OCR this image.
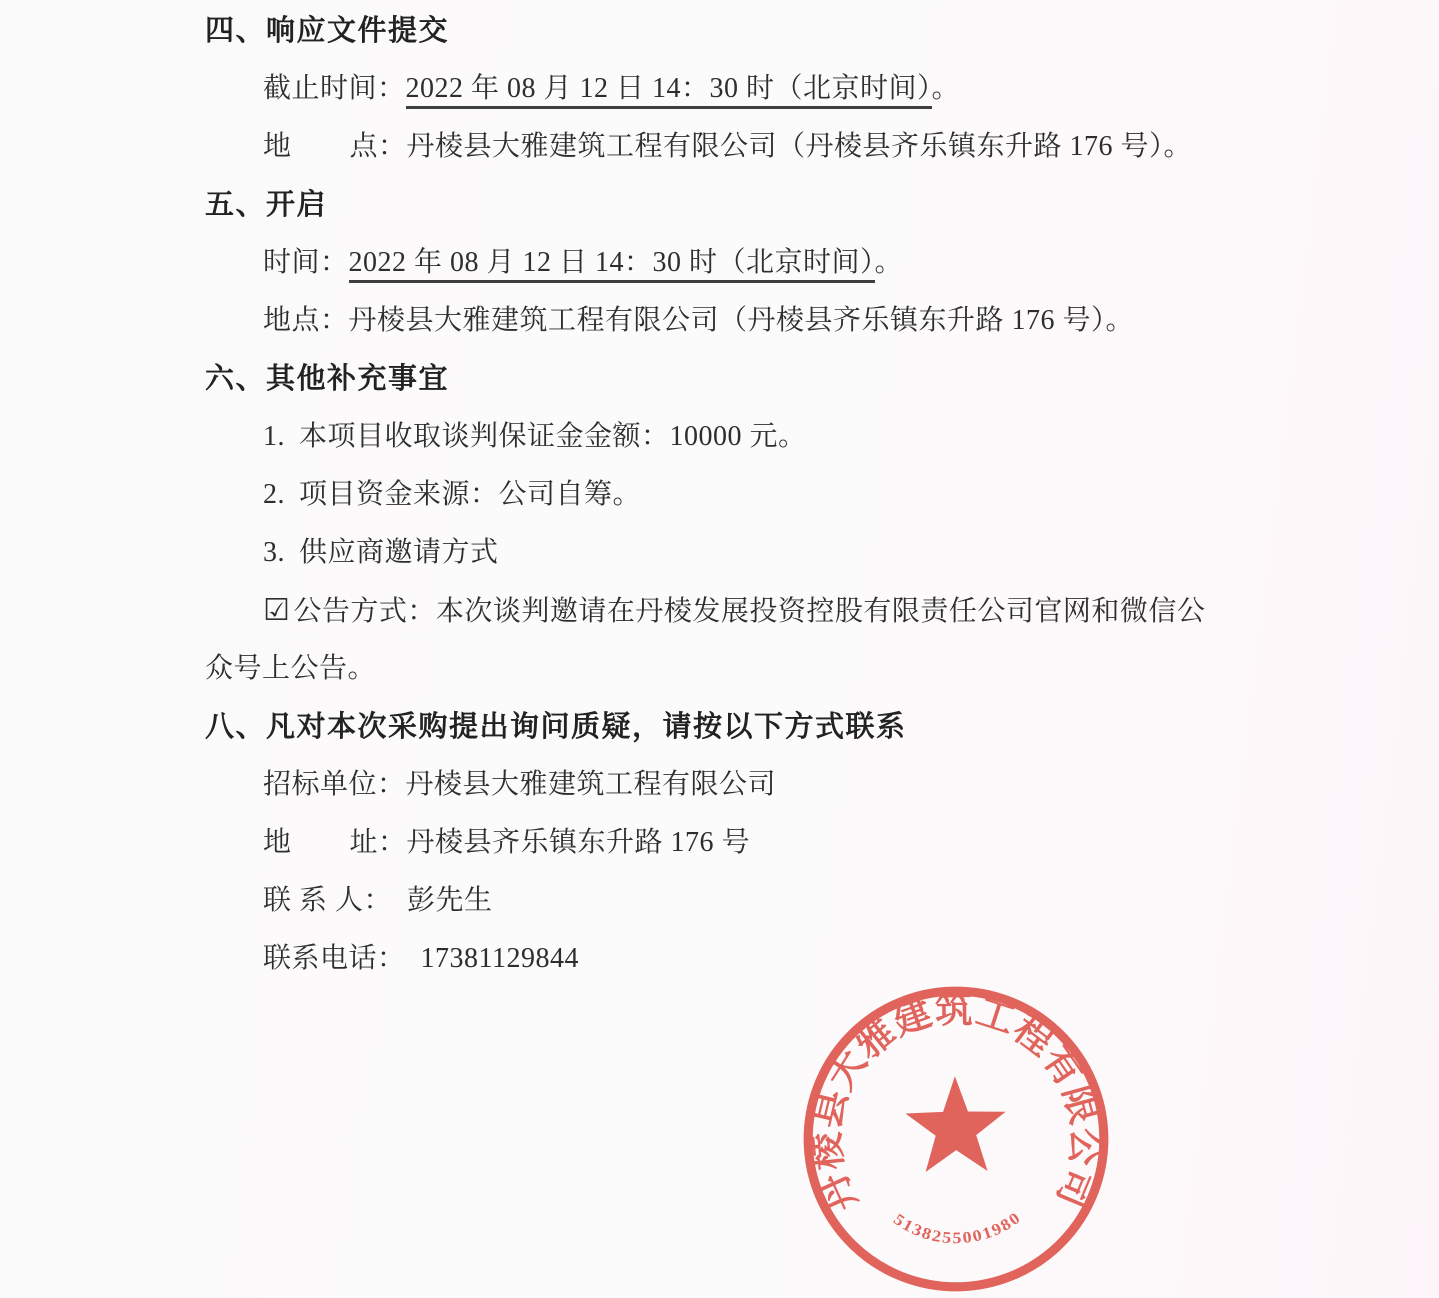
四、响应文件提交
截止时间：2022 年 08 月 12 日 14：30 时（北京时间）。
地 点：丹棱县大雅建筑工程有限公司（丹棱县齐乐镇东升路 176 号）。
五、开启
时间：2022 年 08 月 12 日 14：30 时（北京时间）。
地点：丹棱县大雅建筑工程有限公司（丹棱县齐乐镇东升路 176 号）。
六、其他补充事宜
1. 本项目收取谈判保证金金额：10000 元。
2. 项目资金来源：公司自筹。
3. 供应商邀请方式
☑ 公告方式：本次谈判邀请在丹棱发展投资控股有限责任公司官网和微信公
众号上公告。
八、凡对本次采购提出询问质疑，请按以下方式联系
招标单位：丹棱县大雅建筑工程有限公司
地 址：丹棱县齐乐镇东升路 176 号
联 系 人： 彭先生
联系电话： 17381129844
丹棱县大雅建筑工程有限公司
5138255001980
